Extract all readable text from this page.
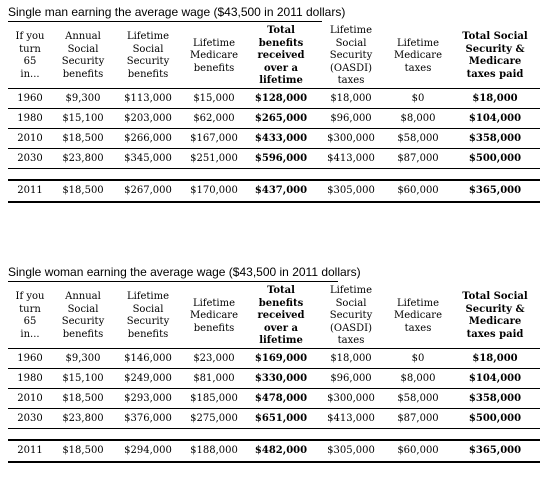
Single man earning the average wage ($43,500 in 2011 dollars)
If you
turn
65
in...	Annual
Social
Security
benefits	Lifetime
Social
Security
benefits	Lifetime
Medicare
benefits	Total
benefits
received
over a
lifetime	Lifetime
Social
Security
(OASDI)
taxes	Lifetime
Medicare
taxes	Total Social
Security &
Medicare
taxes paid
1960	$9,300	$113,000	$15,000	$128,000	$18,000	$0	$18,000
1980	$15,100	$203,000	$62,000	$265,000	$96,000	$8,000	$104,000
2010	$18,500	$266,000	$167,000	$433,000	$300,000	$58,000	$358,000
2030	$23,800	$345,000	$251,000	$596,000	$413,000	$87,000	$500,000

2011	$18,500	$267,000	$170,000	$437,000	$305,000	$60,000	$365,000
Single woman earning the average wage ($43,500 in 2011 dollars)
If you
turn
65
in...	Annual
Social
Security
benefits	Lifetime
Social
Security
benefits	Lifetime
Medicare
benefits	Total
benefits
received
over a
lifetime	Lifetime
Social
Security
(OASDI)
taxes	Lifetime
Medicare
taxes	Total Social
Security &
Medicare
taxes paid
1960	$9,300	$146,000	$23,000	$169,000	$18,000	$0	$18,000
1980	$15,100	$249,000	$81,000	$330,000	$96,000	$8,000	$104,000
2010	$18,500	$293,000	$185,000	$478,000	$300,000	$58,000	$358,000
2030	$23,800	$376,000	$275,000	$651,000	$413,000	$87,000	$500,000

2011	$18,500	$294,000	$188,000	$482,000	$305,000	$60,000	$365,000
